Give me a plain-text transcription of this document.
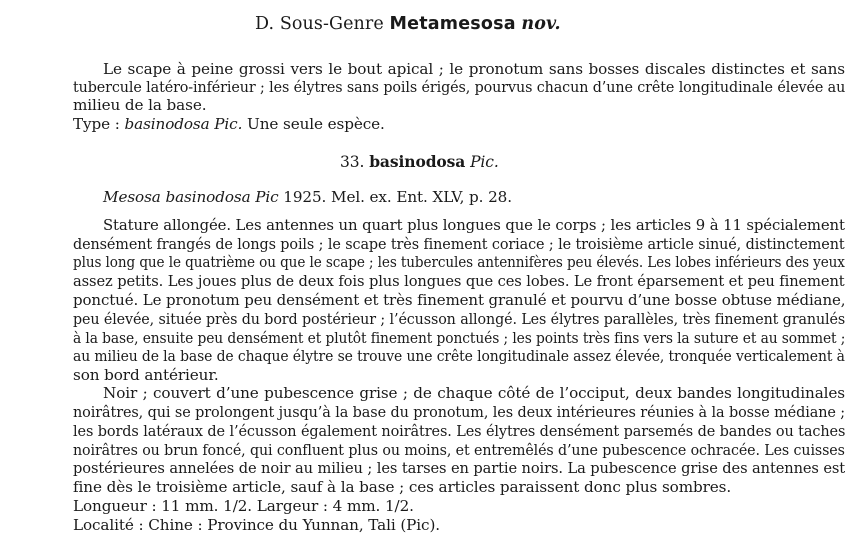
D. Sous-Genre Metamesosa nov.
Le scape à peine grossi vers le bout apical ; le pronotum sans bosses discales distinctes et sans
tubercule latéro-inférieur ; les élytres sans poils érigés, pourvus chacun d’une crête longitudinale élevée au
milieu de la base.
Type : basinodosa Pic. Une seule espèce.
33. basinodosa Pic.
Mesosa basinodosa Pic 1925. Mel. ex. Ent. XLV, p. 28.
Stature allongée. Les antennes un quart plus longues que le corps ; les articles 9 à 11 spécialement
densément frangés de longs poils ; le scape très finement coriace ; le troisième article sinué, distinctement
plus long que le quatrième ou que le scape ; les tubercules antennifères peu élevés. Les lobes inférieurs des yeux
assez petits. Les joues plus de deux fois plus longues que ces lobes. Le front éparsement et peu finement
ponctué. Le pronotum peu densément et très finement granulé et pourvu d’une bosse obtuse médiane,
peu élevée, située près du bord postérieur ; l’écusson allongé. Les élytres parallèles, très finement granulés
à la base, ensuite peu densément et plutôt finement ponctués ; les points très fins vers la suture et au sommet ;
au milieu de la base de chaque élytre se trouve une crête longitudinale assez élevée, tronquée verticalement à
son bord antérieur.
Noir ; couvert d’une pubescence grise ; de chaque côté de l’occiput, deux bandes longitudinales
noirâtres, qui se prolongent jusqu’à la base du pronotum, les deux intérieures réunies à la bosse médiane ;
les bords latéraux de l’écusson également noirâtres. Les élytres densément parsemés de bandes ou taches
noirâtres ou brun foncé, qui confluent plus ou moins, et entremêlés d’une pubescence ochracée. Les cuisses
postérieures annelées de noir au milieu ; les tarses en partie noirs. La pubescence grise des antennes est
fine dès le troisième article, sauf à la base ; ces articles paraissent donc plus sombres.
Longueur : 11 mm. 1/2. Largeur : 4 mm. 1/2.
Localité : Chine : Province du Yunnan, Tali (Pic).
